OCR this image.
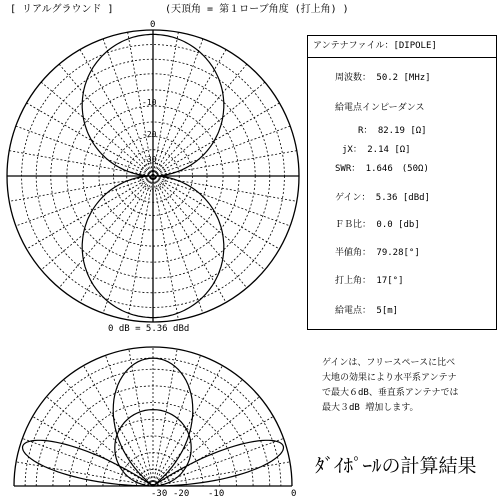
[ リアルグラウンド ]	(天頂角 = 第１ローブ角度 (打上角) )
0
-10
-20
-30
0 dB = 5.36 dBd
-30 -20 -10	0
アンテナファイル：[DIPOLE]
周波数： 50.2 [MHz]
給電点インピーダンス
R： 82.19 [Ω]
jX： 2.14 [Ω]
SWR： 1.646　(50Ω)
ゲイン： 5.36 [dBd]
ＦＢ比： 0.0 [db]
半値角： 79.28[°]
打上角： 17[°]
給電点： 5[m]
ゲインは、フリースペースに比べ
大地の効果により水平系アンテナ
で最大６dB、垂直系アンテナでは
最大３dB 増加します。
ﾀﾞｲﾎﾟｰﾙの計算結果
